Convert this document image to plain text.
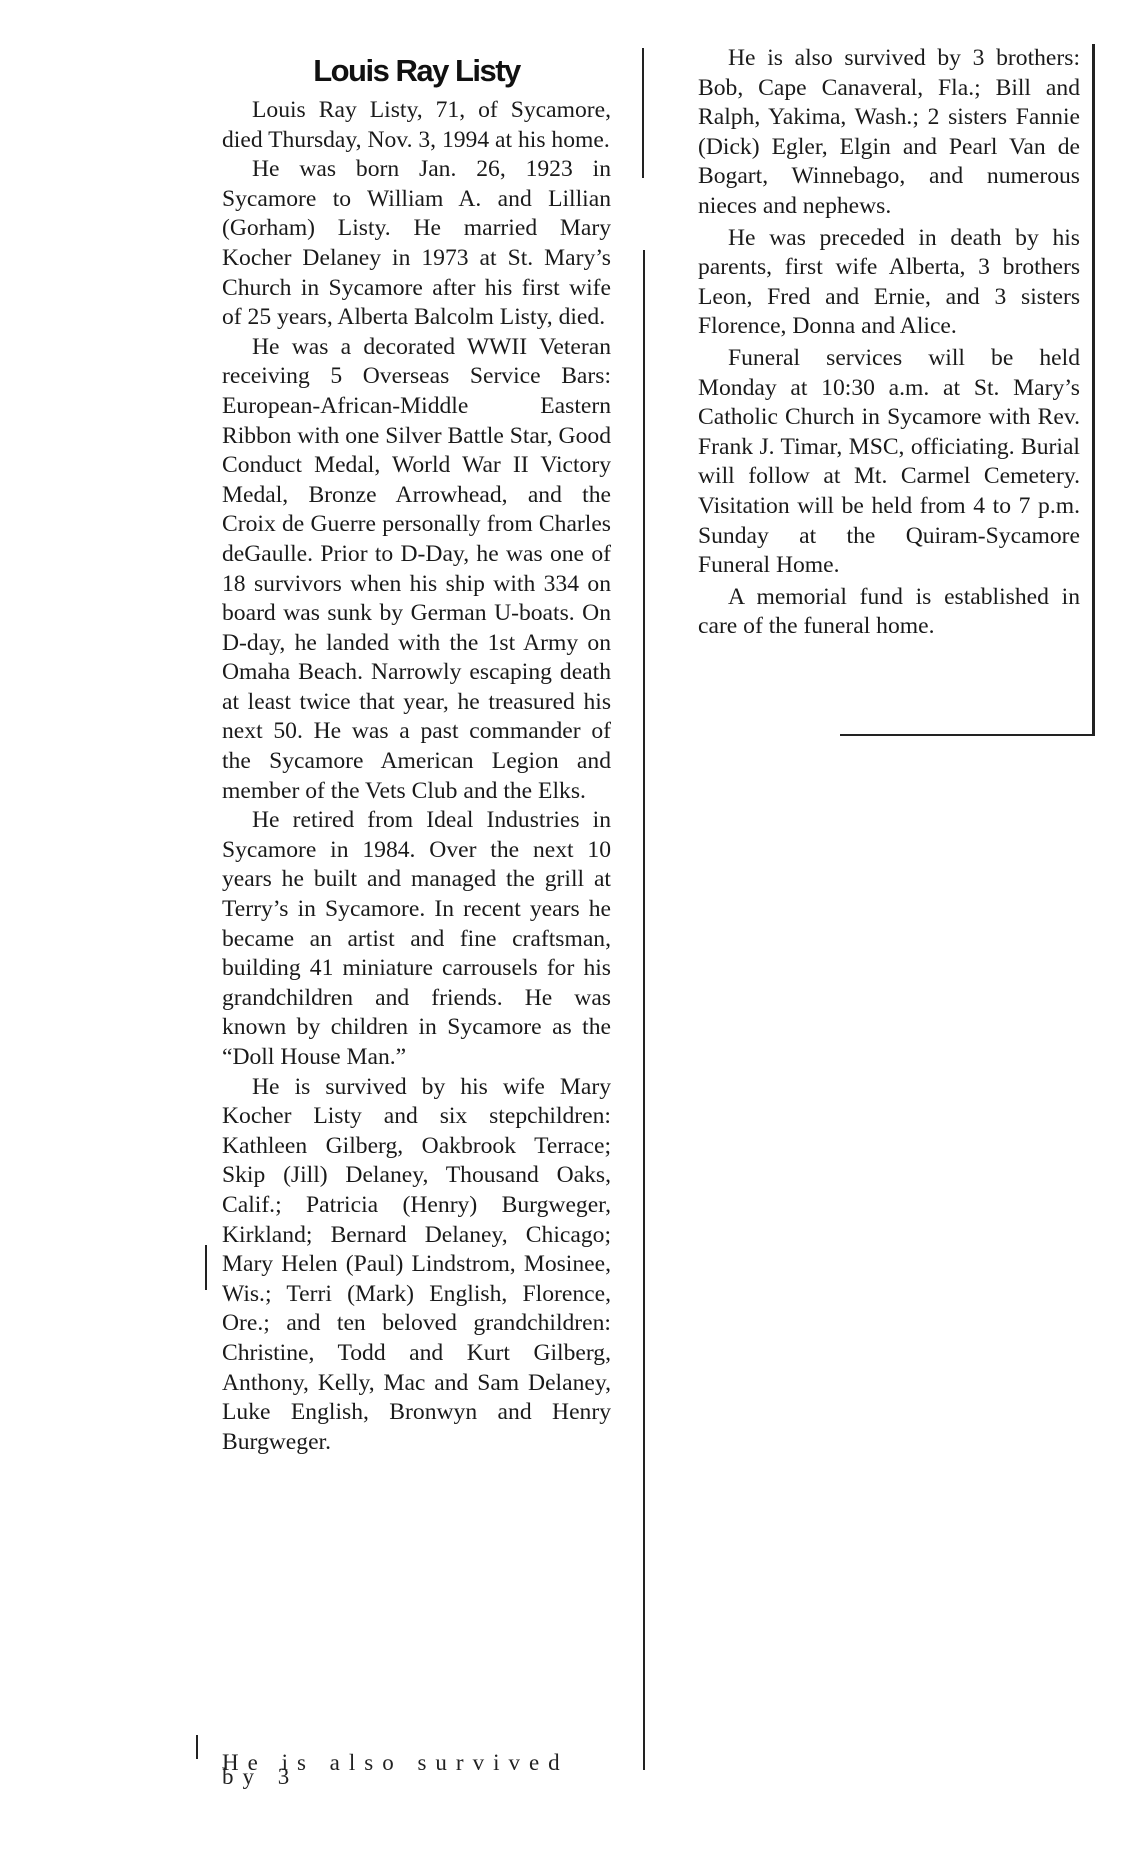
Louis Ray Listy

Louis Ray Listy, 71, of Sycamore, died Thursday, Nov. 3, 1994 at his home.

He was born Jan. 26, 1923 in Sycamore to William A. and Lillian (Gorham) Listy. He married Mary Kocher Delaney in 1973 at St. Mary’s Church in Sycamore after his first wife of 25 years, Alberta Balcolm Listy, died.

He was a decorated WWII Veteran receiving 5 Overseas Service Bars: European-African-Middle Eastern Ribbon with one Silver Battle Star, Good Conduct Medal, World War II Victory Medal, Bronze Arrowhead, and the Croix de Guerre personally from Charles deGaulle. Prior to D-Day, he was one of 18 survivors when his ship with 334 on board was sunk by German U-boats. On D-day, he landed with the 1st Army on Omaha Beach. Narrowly escaping death at least twice that year, he treasured his next 50. He was a past commander of the Sycamore American Legion and member of the Vets Club and the Elks.

He retired from Ideal Industries in Sycamore in 1984. Over the next 10 years he built and managed the grill at Terry’s in Sycamore. In recent years he became an artist and fine craftsman, building 41 miniature carrousels for his grandchildren and friends. He was known by children in Sycamore as the “Doll House Man.”

He is survived by his wife Mary Kocher Listy and six stepchildren: Kathleen Gilberg, Oakbrook Terrace; Skip (Jill) Delaney, Thousand Oaks, Calif.; Patricia (Henry) Burgweger, Kirkland; Bernard Delaney, Chicago; Mary Helen (Paul) Lindstrom, Mosinee, Wis.; Terri (Mark) English, Florence, Ore.; and ten beloved grandchildren: Christine, Todd and Kurt Gilberg, Anthony, Kelly, Mac and Sam Delaney, Luke English, Bronwyn and Henry Burgweger.

He is also survived by 3

He is also survived by 3 brothers: Bob, Cape Canaveral, Fla.; Bill and Ralph, Yakima, Wash.; 2 sisters Fannie (Dick) Egler, Elgin and Pearl Van de Bogart, Winnebago, and numerous nieces and nephews.

He was preceded in death by his parents, first wife Alberta, 3 brothers Leon, Fred and Ernie, and 3 sisters Florence, Donna and Alice.

Funeral services will be held Monday at 10:30 a.m. at St. Mary’s Catholic Church in Sycamore with Rev. Frank J. Timar, MSC, officiating. Burial will follow at Mt. Carmel Cemetery. Visitation will be held from 4 to 7 p.m. Sunday at the Quiram-Sycamore Funeral Home.

A memorial fund is established in care of the funeral home.
